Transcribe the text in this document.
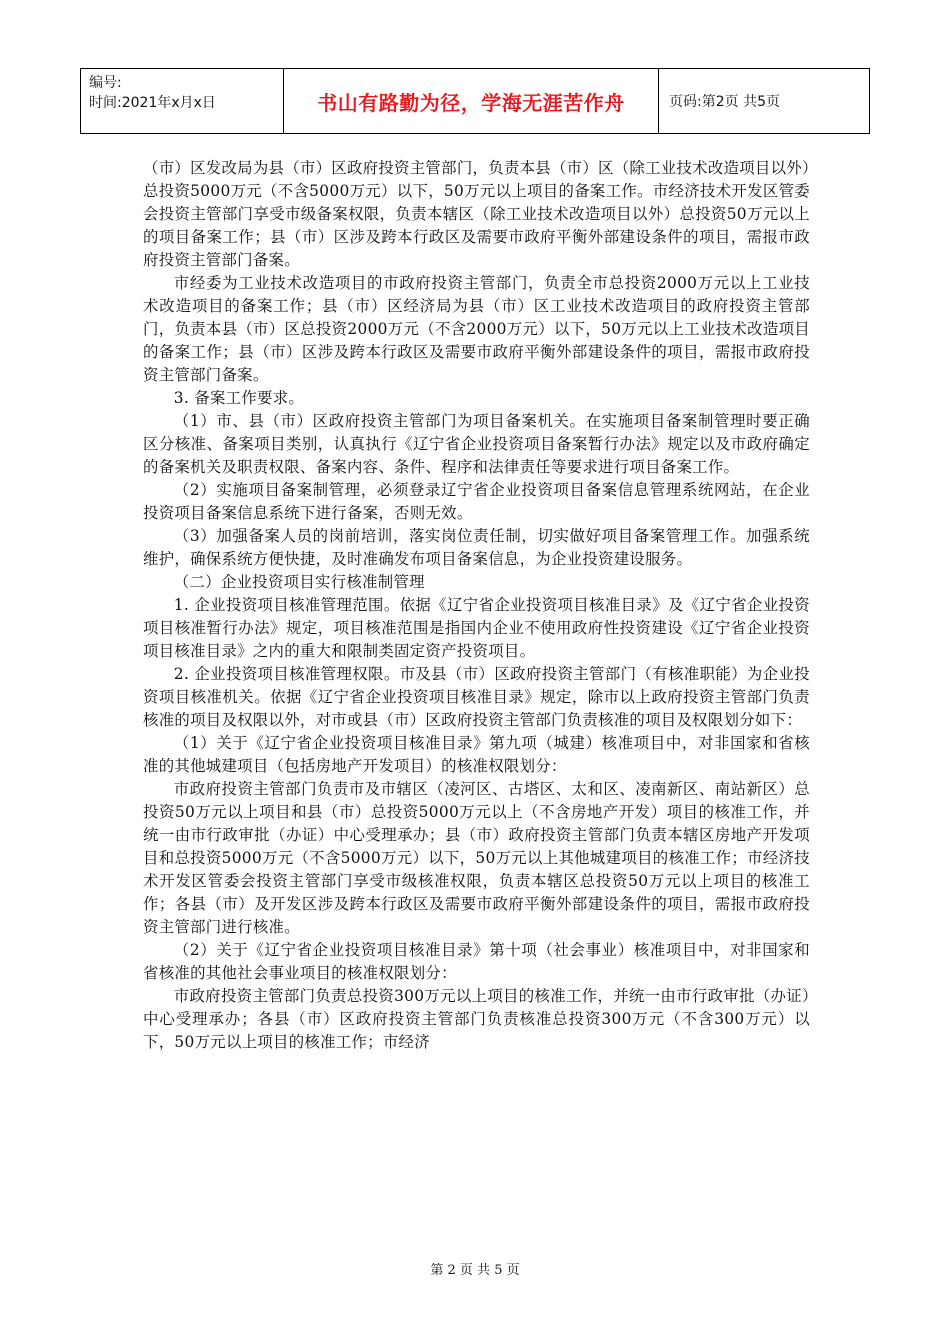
编号:
时间:2021年x月x日	书山有路勤为径，学海无涯苦作舟	页码:第2页 共5页

（市）区发改局为县（市）区政府投资主管部门，负责本县（市）区（除工业技术改造项目以外）总投资5000万元（不含5000万元）以下，50万元以上项目的备案工作。市经济技术开发区管委会投资主管部门享受市级备案权限，负责本辖区（除工业技术改造项目以外）总投资50万元以上的项目备案工作；县（市）区涉及跨本行政区及需要市政府平衡外部建设条件的项目，需报市政府投资主管部门备案。

市经委为工业技术改造项目的市政府投资主管部门，负责全市总投资2000万元以上工业技术改造项目的备案工作；县（市）区经济局为县（市）区工业技术改造项目的政府投资主管部门，负责本县（市）区总投资2000万元（不含2000万元）以下，50万元以上工业技术改造项目的备案工作；县（市）区涉及跨本行政区及需要市政府平衡外部建设条件的项目，需报市政府投资主管部门备案。

3. 备案工作要求。

（1）市、县（市）区政府投资主管部门为项目备案机关。在实施项目备案制管理时要正确区分核准、备案项目类别，认真执行《辽宁省企业投资项目备案暂行办法》规定以及市政府确定的备案机关及职责权限、备案内容、条件、程序和法律责任等要求进行项目备案工作。

（2）实施项目备案制管理，必须登录辽宁省企业投资项目备案信息管理系统网站，在企业投资项目备案信息系统下进行备案，否则无效。

（3）加强备案人员的岗前培训，落实岗位责任制，切实做好项目备案管理工作。加强系统维护，确保系统方便快捷，及时准确发布项目备案信息，为企业投资建设服务。

（二）企业投资项目实行核准制管理

1. 企业投资项目核准管理范围。依据《辽宁省企业投资项目核准目录》及《辽宁省企业投资项目核准暂行办法》规定，项目核准范围是指国内企业不使用政府性投资建设《辽宁省企业投资项目核准目录》之内的重大和限制类固定资产投资项目。

2. 企业投资项目核准管理权限。市及县（市）区政府投资主管部门（有核准职能）为企业投资项目核准机关。依据《辽宁省企业投资项目核准目录》规定，除市以上政府投资主管部门负责核准的项目及权限以外，对市或县（市）区政府投资主管部门负责核准的项目及权限划分如下：

（1）关于《辽宁省企业投资项目核准目录》第九项（城建）核准项目中，对非国家和省核准的其他城建项目（包括房地产开发项目）的核准权限划分：

市政府投资主管部门负责市及市辖区（凌河区、古塔区、太和区、凌南新区、南站新区）总投资50万元以上项目和县（市）总投资5000万元以上（不含房地产开发）项目的核准工作，并统一由市行政审批（办证）中心受理承办；县（市）政府投资主管部门负责本辖区房地产开发项目和总投资5000万元（不含5000万元）以下，50万元以上其他城建项目的核准工作；市经济技术开发区管委会投资主管部门享受市级核准权限，负责本辖区总投资50万元以上项目的核准工作；各县（市）及开发区涉及跨本行政区及需要市政府平衡外部建设条件的项目，需报市政府投资主管部门进行核准。

（2）关于《辽宁省企业投资项目核准目录》第十项（社会事业）核准项目中，对非国家和省核准的其他社会事业项目的核准权限划分：

市政府投资主管部门负责总投资300万元以上项目的核准工作，并统一由市行政审批（办证）中心受理承办；各县（市）区政府投资主管部门负责核准总投资300万元（不含300万元）以下，50万元以上项目的核准工作；市经济

第 2 页 共 5 页
